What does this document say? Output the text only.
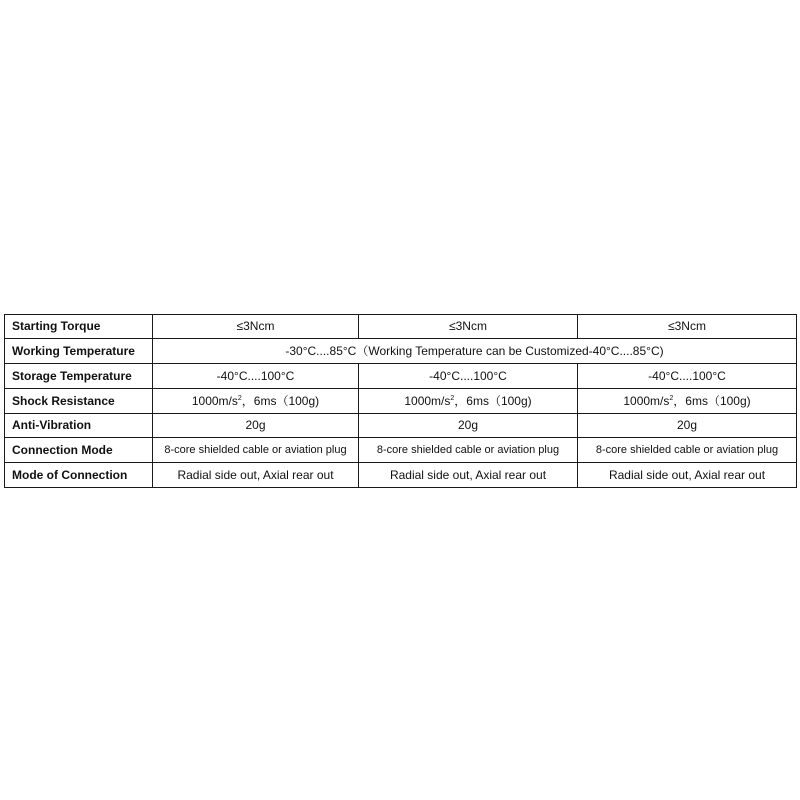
Starting Torque	≤3Ncm	≤3Ncm	≤3Ncm
Working Temperature	-30°C....85°C（Working Temperature can be Customized-40°C....85°C)		
Storage Temperature	-40°C....100°C	-40°C....100°C	-40°C....100°C
Shock Resistance	$1000m/s^2$，6ms（100g)	$1000m/s^2$，6ms（100g)	$1000m/s^2$，6ms（100g)
Anti-Vibration	20g	20g	20g
Connection Mode	8-core shielded cable or aviation plug	8-core shielded cable or aviation plug	8-core shielded cable or aviation plug
Mode of Connection	Radial side out, Axial rear out	Radial side out, Axial rear out	Radial side out, Axial rear out
